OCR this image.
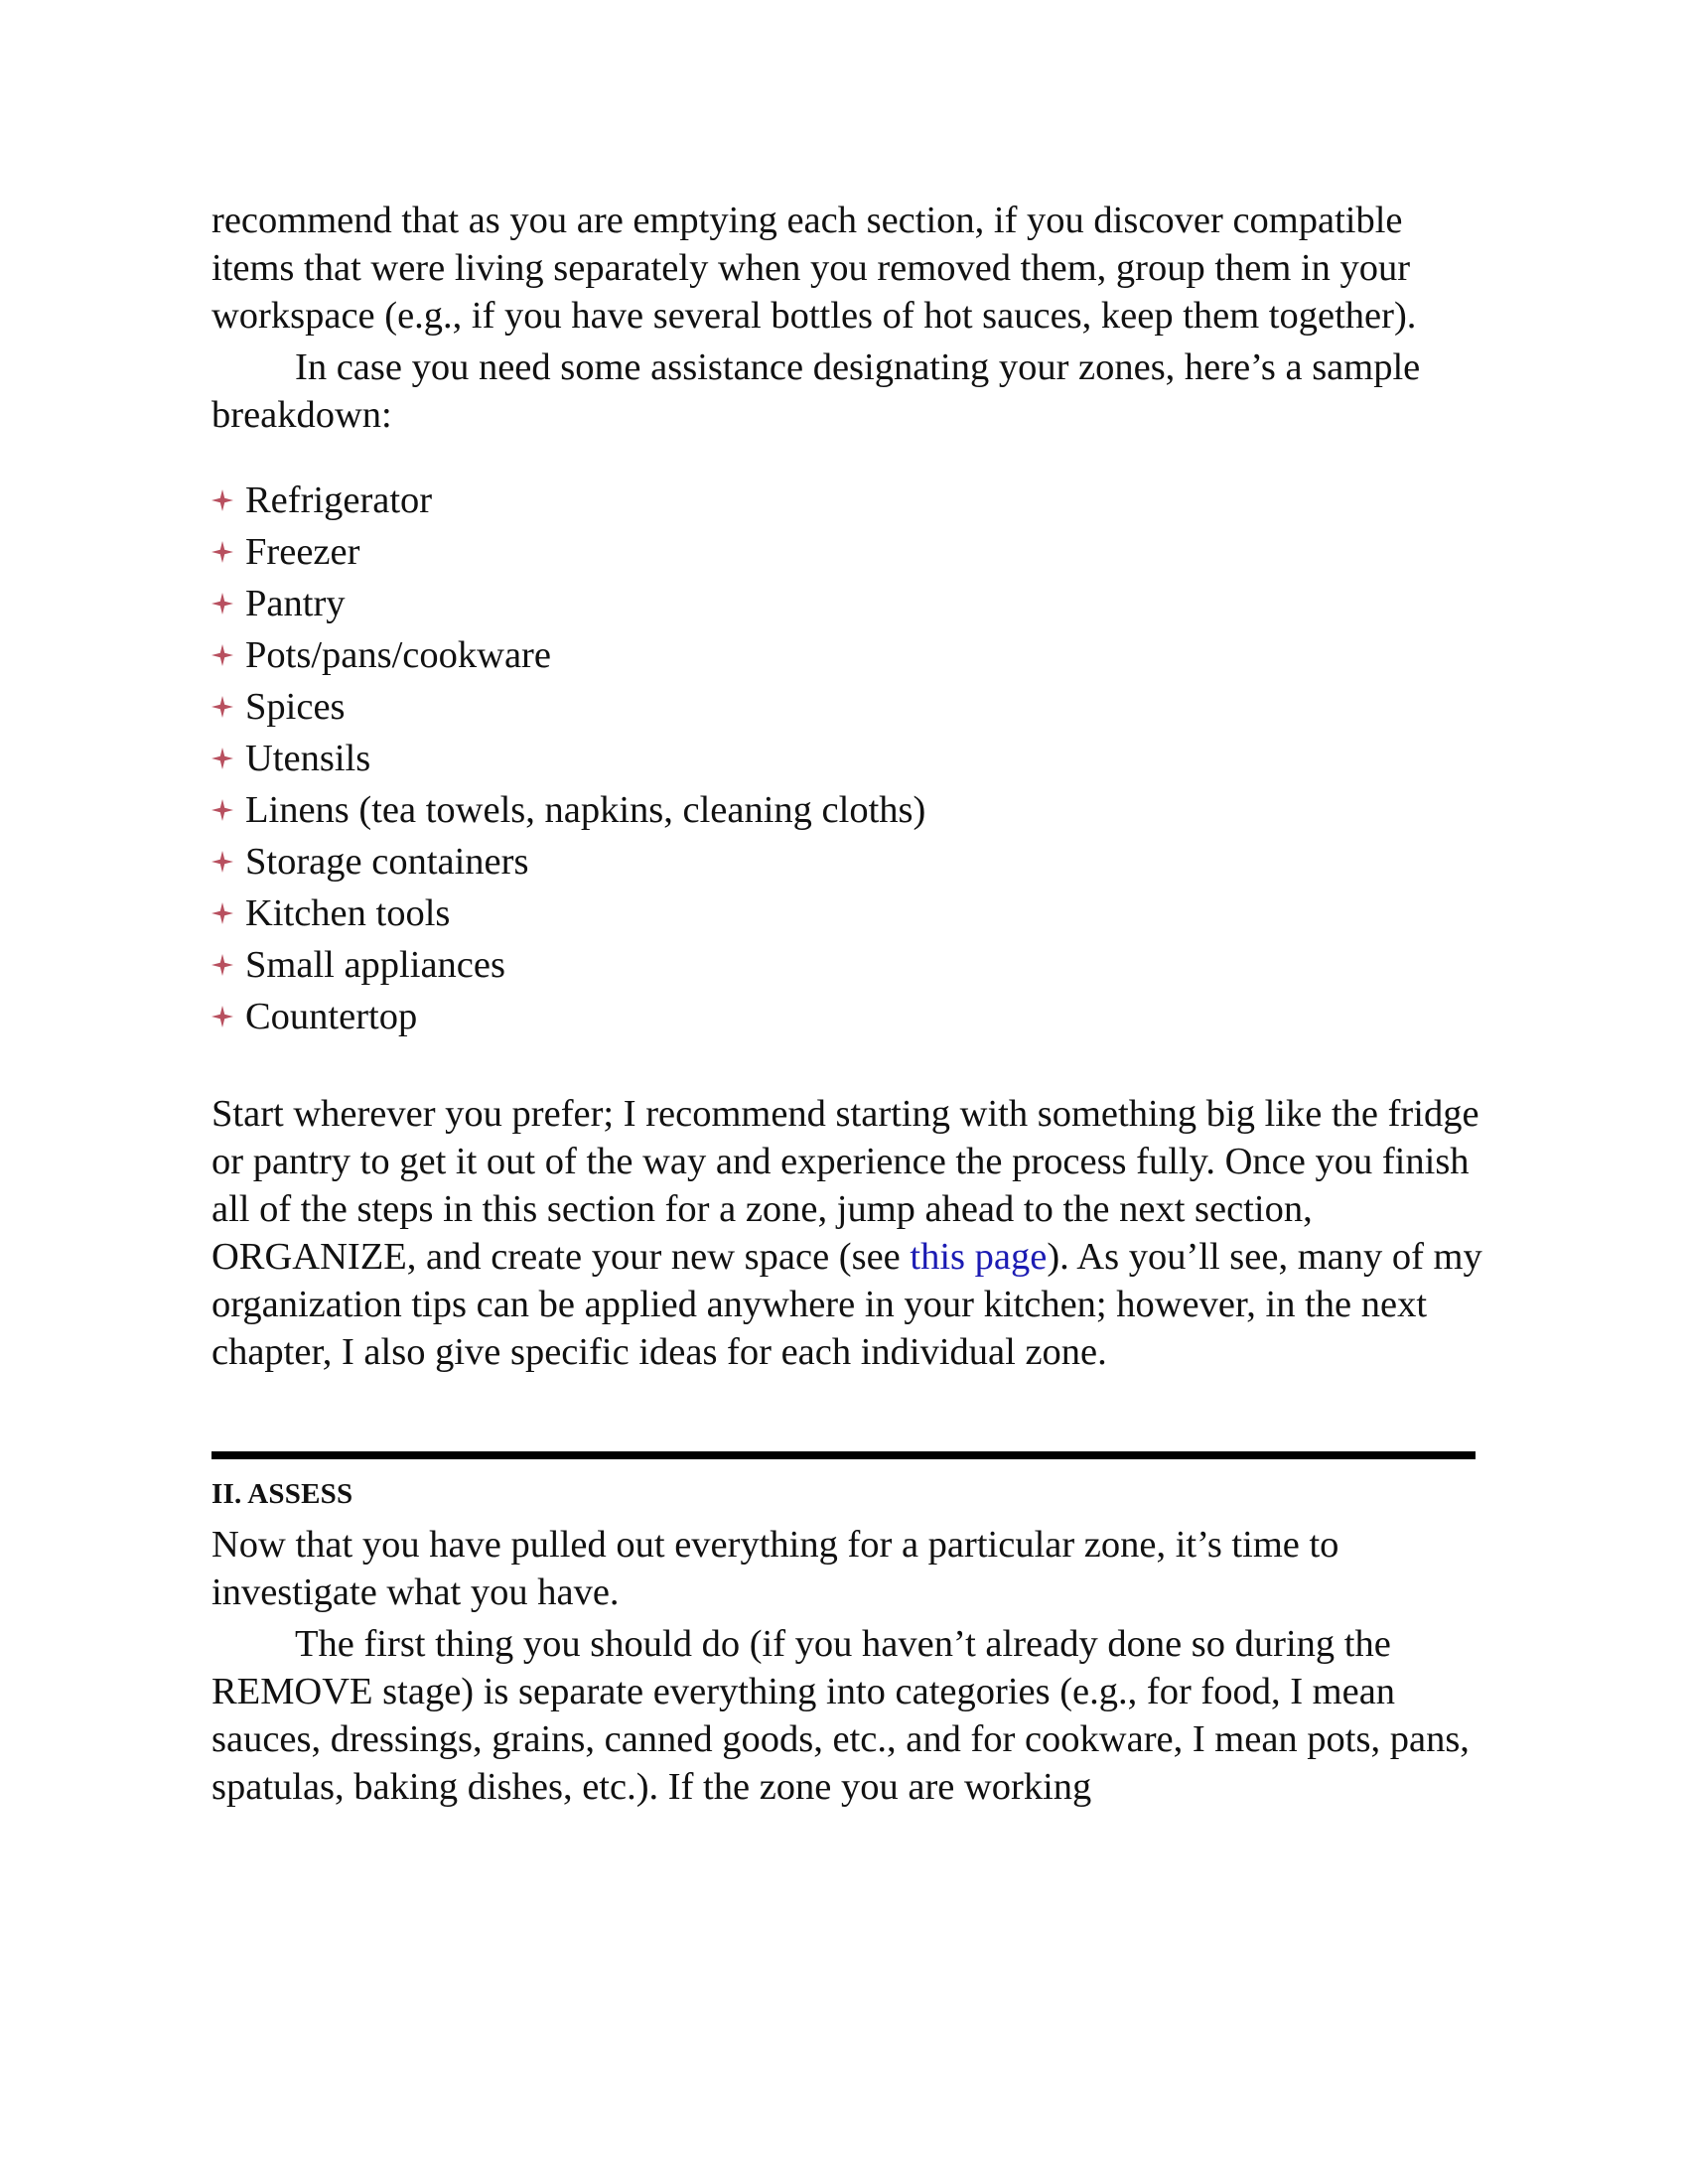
recommend that as you are emptying each section, if you discover compatible items that were living separately when you removed them, group them in your workspace (e.g., if you have several bottles of hot sauces, keep them together).

In case you need some assistance designating your zones, here’s a sample breakdown:

Refrigerator
Freezer
Pantry
Pots/pans/cookware
Spices
Utensils
Linens (tea towels, napkins, cleaning cloths)
Storage containers
Kitchen tools
Small appliances
Countertop

Start wherever you prefer; I recommend starting with something big like the fridge or pantry to get it out of the way and experience the process fully. Once you finish all of the steps in this section for a zone, jump ahead to the next section, ORGANIZE, and create your new space (see this page). As you’ll see, many of my organization tips can be applied anywhere in your kitchen; however, in the next chapter, I also give specific ideas for each individual zone.

II. ASSESS

Now that you have pulled out everything for a particular zone, it’s time to investigate what you have.

The first thing you should do (if you haven’t already done so during the REMOVE stage) is separate everything into categories (e.g., for food, I mean sauces, dressings, grains, canned goods, etc., and for cookware, I mean pots, pans, spatulas, baking dishes, etc.). If the zone you are working
